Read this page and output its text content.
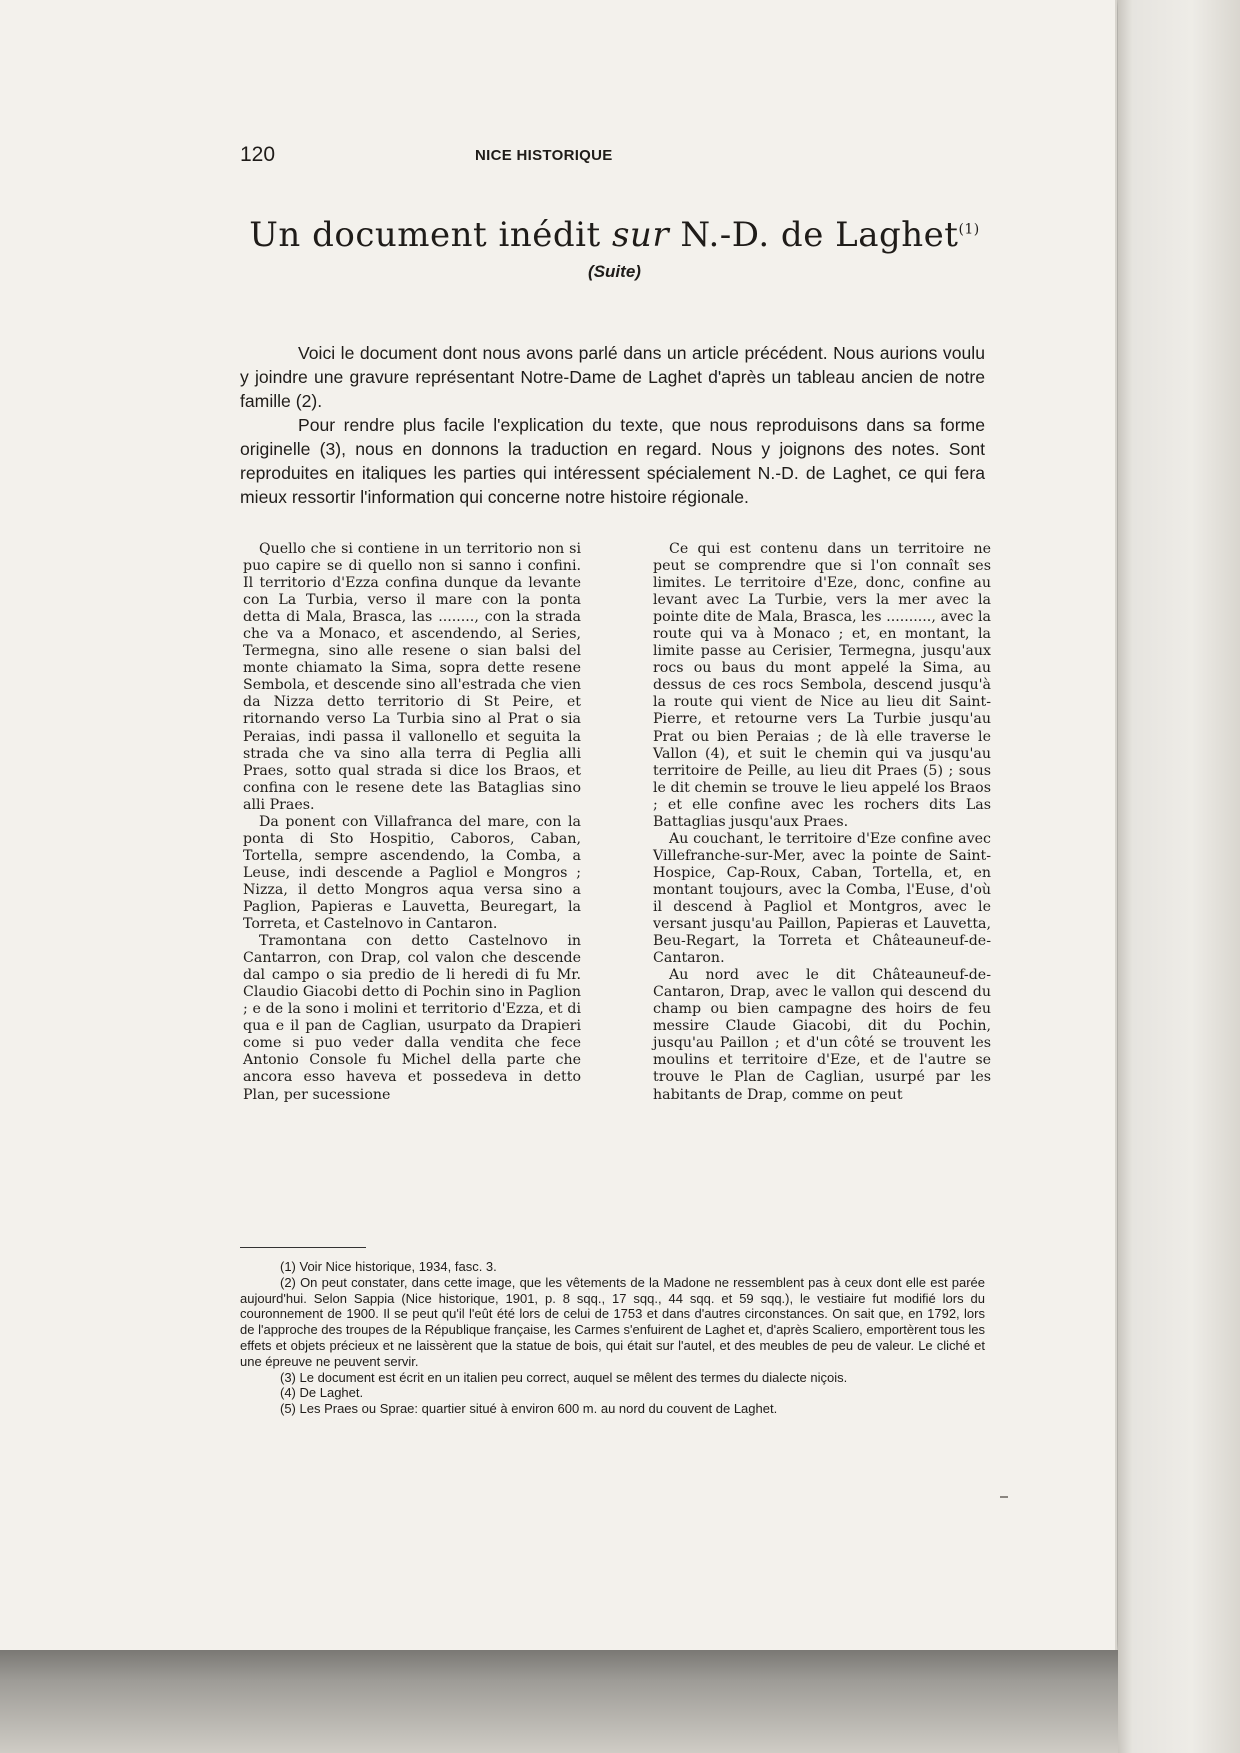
120	NICE HISTORIQUE
Un document inédit sur N.-D. de Laghet$^{(1)}$
(Suite)

Voici le document dont nous avons parlé dans un article précédent. Nous aurions voulu y joindre une gravure représentant Notre-Dame de Laghet d'après un tableau ancien de notre famille (2).

Pour rendre plus facile l'explication du texte, que nous reproduisons dans sa forme originelle (3), nous en donnons la traduction en regard. Nous y joignons des notes. Sont reproduites en italiques les parties qui intéressent spécialement N.-D. de Laghet, ce qui fera mieux ressortir l'information qui concerne notre histoire régionale.

Quello che si contiene in un territorio non si puo capire se di quello non si sanno i confini. Il territorio d'Ezza confina dunque da levante con La Turbia, verso il mare con la ponta detta di Mala, Brasca, las ........, con la strada che va a Monaco, et ascendendo, al Series, Termegna, sino alle resene o sian balsi del monte chiamato la Sima, sopra dette resene Sembola, et descende sino all'estrada che vien da Nizza detto territorio di St Peire, et ritornando verso La Turbia sino al Prat o sia Peraias, indi passa il vallonello et seguita la strada che va sino alla terra di Peglia alli Praes, sotto qual strada si dice los Braos, et confina con le resene dete las Bataglias sino alli Praes.

Da ponent con Villafranca del mare, con la ponta di Sto Hospitio, Caboros, Caban, Tortella, sempre ascendendo, la Comba, a Leuse, indi descende a Pagliol e Mongros ; Nizza, il detto Mongros aqua versa sino a Paglion, Papieras e Lauvetta, Beuregart, la Torreta, et Castelnovo in Cantaron.

Tramontana con detto Castelnovo in Cantarron, con Drap, col valon che descende dal campo o sia predio de li heredi di fu Mr. Claudio Giacobi detto di Pochin sino in Paglion ; e de la sono i molini et territorio d'Ezza, et di qua e il pan de Caglian, usurpato da Drapieri come si puo veder dalla vendita che fece Antonio Console fu Michel della parte che ancora esso haveva et possedeva in detto Plan, per sucessione

Ce qui est contenu dans un territoire ne peut se comprendre que si l'on connaît ses limites. Le territoire d'Eze, donc, confine au levant avec La Turbie, vers la mer avec la pointe dite de Mala, Brasca, les .........., avec la route qui va à Monaco ; et, en montant, la limite passe au Cerisier, Termegna, jusqu'aux rocs ou baus du mont appelé la Sima, au dessus de ces rocs Sembola, descend jusqu'à la route qui vient de Nice au lieu dit Saint-Pierre, et retourne vers La Turbie jusqu'au Prat ou bien Peraias ; de là elle traverse le Vallon (4), et suit le chemin qui va jusqu'au territoire de Peille, au lieu dit Praes (5) ; sous le dit chemin se trouve le lieu appelé los Braos ; et elle confine avec les rochers dits Las Battaglias jusqu'aux Praes.

Au couchant, le territoire d'Eze confine avec Villefranche-sur-Mer, avec la pointe de Saint-Hospice, Cap-Roux, Caban, Tortella, et, en montant toujours, avec la Comba, l'Euse, d'où il descend à Pagliol et Montgros, avec le versant jusqu'au Paillon, Papieras et Lauvetta, Beu-Regart, la Torreta et Châteauneuf-de-Cantaron.

Au nord avec le dit Châteauneuf-de-Cantaron, Drap, avec le vallon qui descend du champ ou bien campagne des hoirs de feu messire Claude Giacobi, dit du Pochin, jusqu'au Paillon ; et d'un côté se trouvent les moulins et territoire d'Eze, et de l'autre se trouve le Plan de Caglian, usurpé par les habitants de Drap, comme on peut

(1) Voir Nice historique, 1934, fasc. 3.

(2) On peut constater, dans cette image, que les vêtements de la Madone ne ressemblent pas à ceux dont elle est parée aujourd'hui. Selon Sappia (Nice historique, 1901, p. 8 sqq., 17 sqq., 44 sqq. et 59 sqq.), le vestiaire fut modifié lors du couronnement de 1900. Il se peut qu'il l'eût été lors de celui de 1753 et dans d'autres circonstances. On sait que, en 1792, lors de l'approche des troupes de la République française, les Carmes s'enfuirent de Laghet et, d'après Scaliero, emportèrent tous les effets et objets précieux et ne laissèrent que la statue de bois, qui était sur l'autel, et des meubles de peu de valeur. Le cliché et une épreuve ne peuvent servir.

(3) Le document est écrit en un italien peu correct, auquel se mêlent des termes du dialecte niçois.

(4) De Laghet.

(5) Les Praes ou Sprae: quartier situé à environ 600 m. au nord du couvent de Laghet.
